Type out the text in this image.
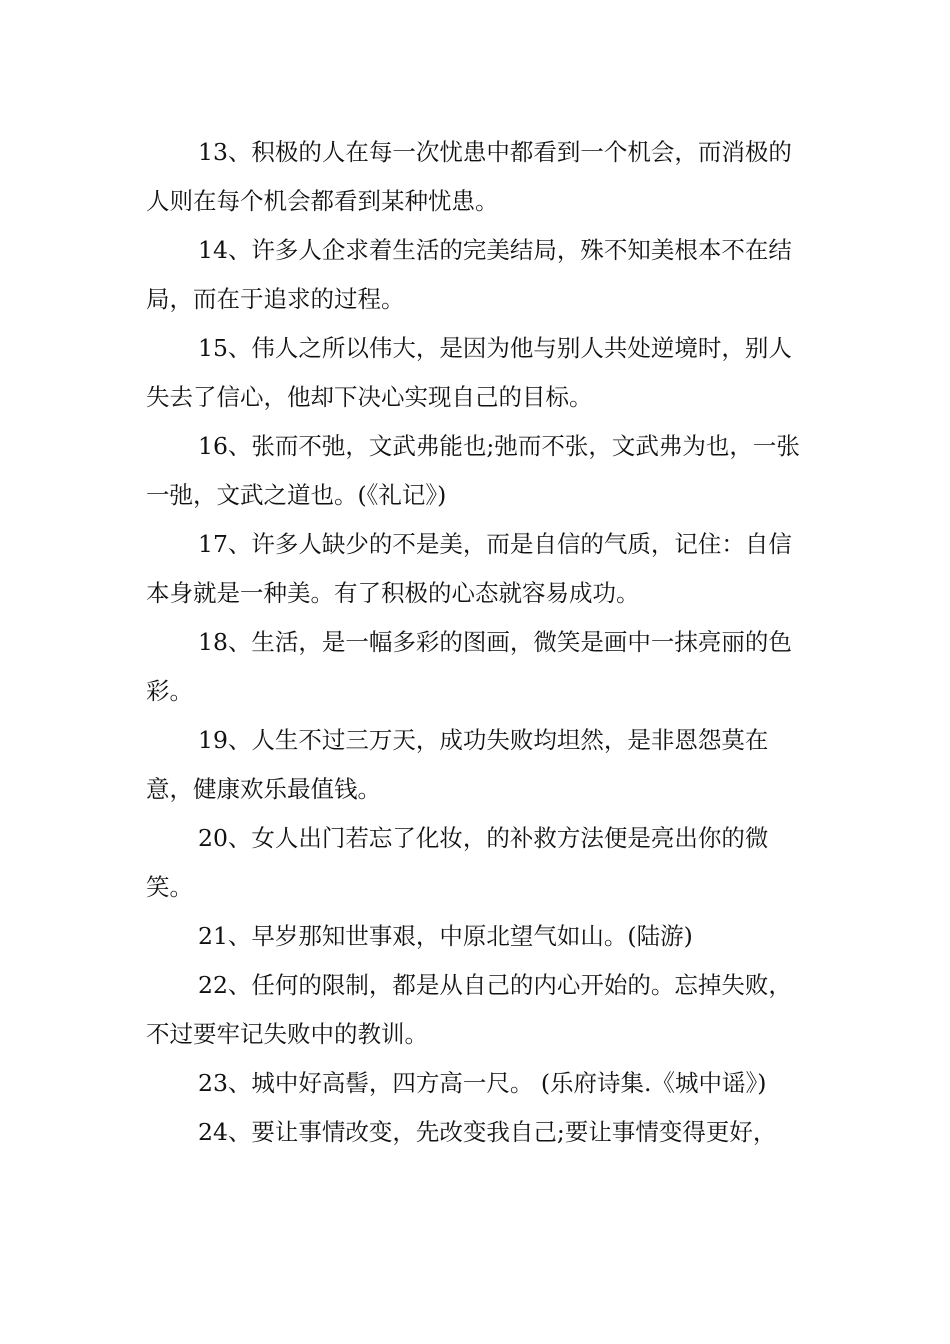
13、积极的人在每一次忧患中都看到一个机会，而消极的人则在每个机会都看到某种忧患。

14、许多人企求着生活的完美结局，殊不知美根本不在结局，而在于追求的过程。

15、伟人之所以伟大，是因为他与别人共处逆境时，别人失去了信心，他却下决心实现自己的目标。

16、张而不弛，文武弗能也;弛而不张，文武弗为也，一张一弛，文武之道也。(《礼记》)

17、许多人缺少的不是美，而是自信的气质，记住：自信本身就是一种美。有了积极的心态就容易成功。

18、生活，是一幅多彩的图画，微笑是画中一抹亮丽的色彩。

19、人生不过三万天，成功失败均坦然，是非恩怨莫在意，健康欢乐最值钱。

20、女人出门若忘了化妆，的补救方法便是亮出你的微笑。

21、早岁那知世事艰，中原北望气如山。(陆游)

22、任何的限制，都是从自己的内心开始的。忘掉失败，不过要牢记失败中的教训。

23、城中好高髻，四方高一尺。 (乐府诗集.《城中谣》)

24、要让事情改变，先改变我自己;要让事情变得更好，
